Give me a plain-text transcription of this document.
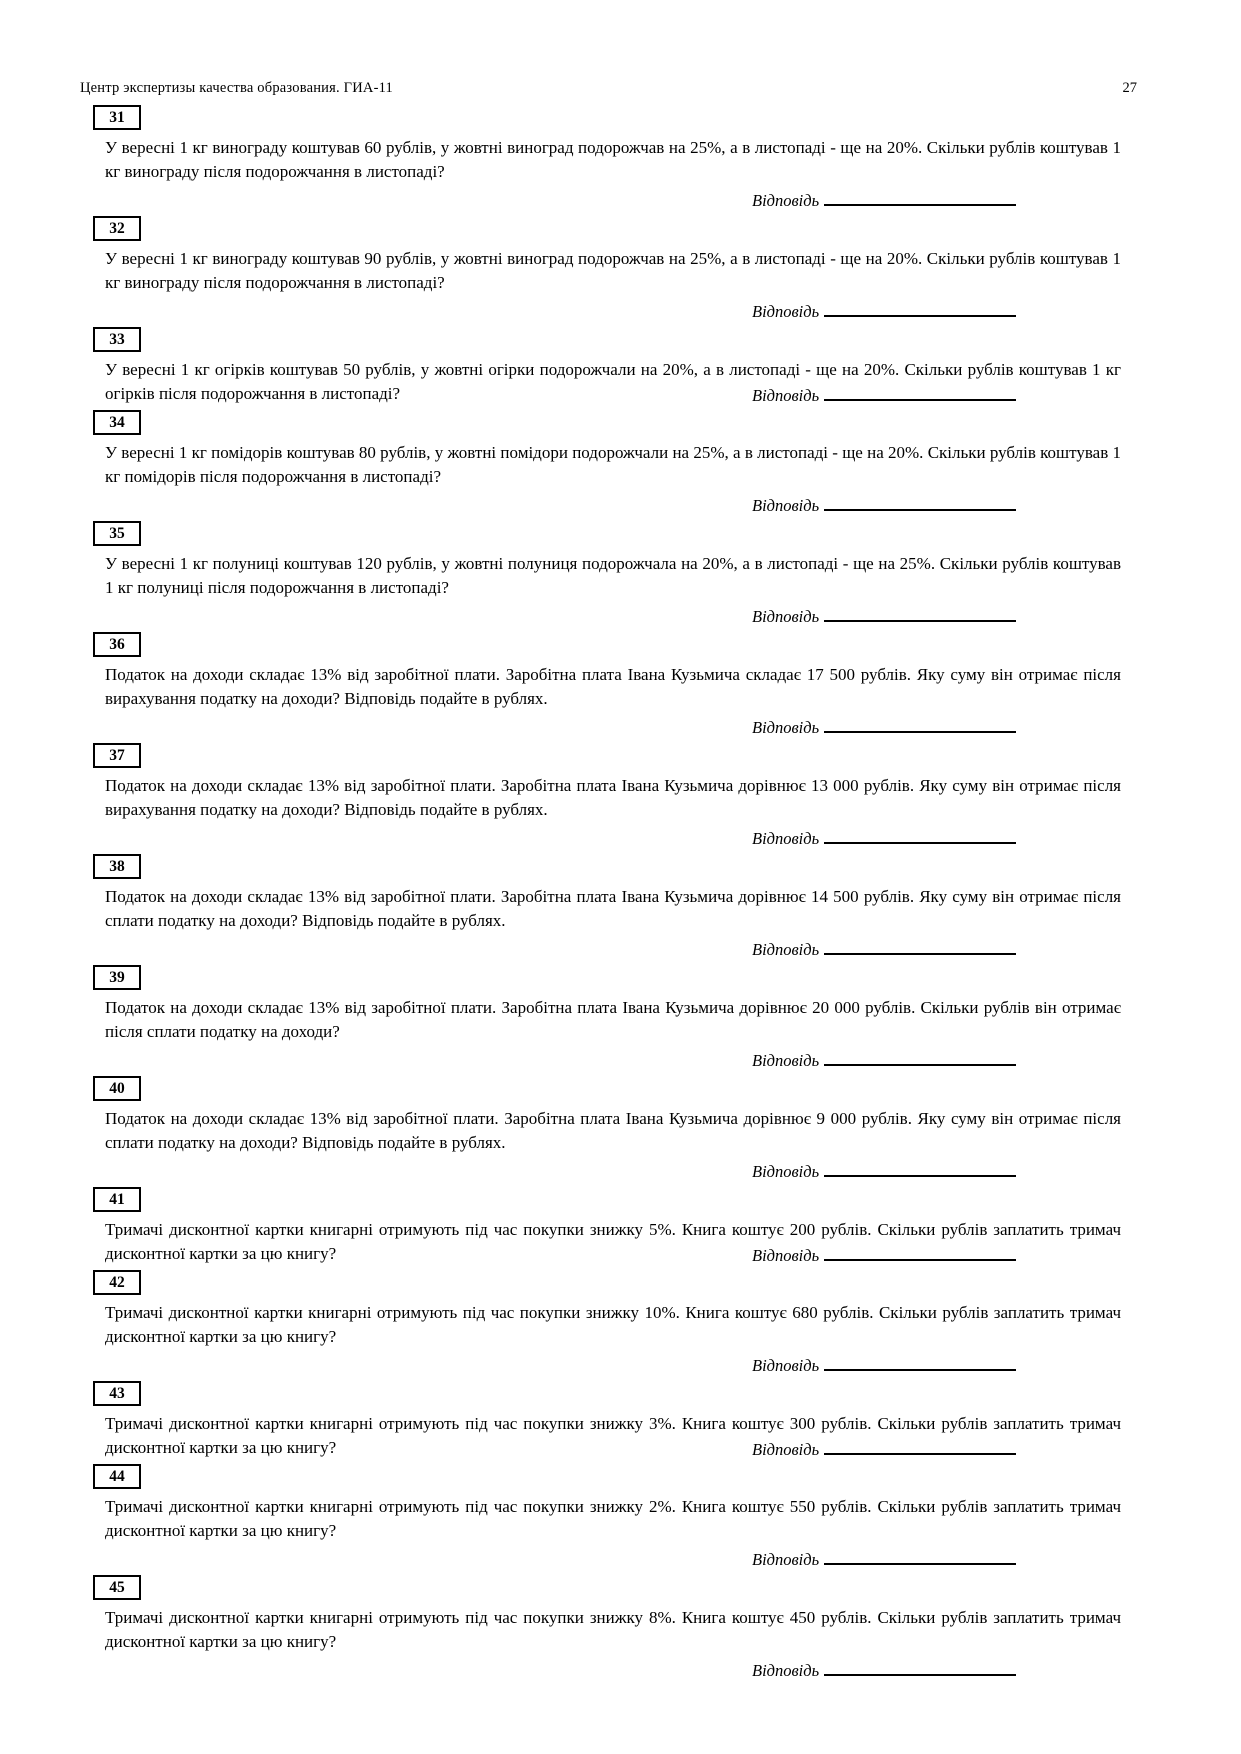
Центр экспертизы качества образования. ГИА-11	27
31

У вересні 1 кг винограду коштував 60 рублів, у жовтні виноград подорожчав на 25%, а в листопаді - ще на 20%. Скільки рублів коштував 1 кг винограду після подорожчання в листопаді?

Відповідь
32

У вересні 1 кг винограду коштував 90 рублів, у жовтні виноград подорожчав на 25%, а в листопаді - ще на 20%. Скільки рублів коштував 1 кг винограду після подорожчання в листопаді?

Відповідь
33

У вересні 1 кг огірків коштував 50 рублів, у жовтні огірки подорожчали на 20%, а в листопаді - ще на 20%. Скільки рублів коштував 1 кг огірків після подорожчання в листопаді?	Відповідь

34

У вересні 1 кг помідорів коштував 80 рублів, у жовтні помідори подорожчали на 25%, а в листопаді - ще на 20%. Скільки рублів коштував 1 кг помідорів після подорожчання в листопаді?

Відповідь
35

У вересні 1 кг полуниці коштував 120 рублів, у жовтні полуниця подорожчала на 20%, а в листопаді - ще на 25%. Скільки рублів коштував 1 кг полуниці після подорожчання в листопаді?

Відповідь
36

Податок на доходи складає 13% від заробітної плати. Заробітна плата Івана Кузьмича складає 17 500 рублів. Яку суму він отримає після вирахування податку на доходи? Відповідь подайте в рублях.

Відповідь
37

Податок на доходи складає 13% від заробітної плати. Заробітна плата Івана Кузьмича дорівнює 13 000 рублів. Яку суму він отримає після вирахування податку на доходи? Відповідь подайте в рублях.

Відповідь
38

Податок на доходи складає 13% від заробітної плати. Заробітна плата Івана Кузьмича дорівнює 14 500 рублів. Яку суму він отримає після сплати податку на доходи? Відповідь подайте в рублях.

Відповідь
39

Податок на доходи складає 13% від заробітної плати. Заробітна плата Івана Кузьмича дорівнює 20 000 рублів. Скільки рублів він отримає після сплати податку на доходи?

Відповідь
40

Податок на доходи складає 13% від заробітної плати. Заробітна плата Івана Кузьмича дорівнює 9 000 рублів. Яку суму він отримає після сплати податку на доходи? Відповідь подайте в рублях.

Відповідь
41

Тримачі дисконтної картки книгарні отримують під час покупки знижку 5%. Книга коштує 200 рублів. Скільки рублів заплатить тримач дисконтної картки за цю книгу?	Відповідь

42

Тримачі дисконтної картки книгарні отримують під час покупки знижку 10%. Книга коштує 680 рублів. Скільки рублів заплатить тримач дисконтної картки за цю книгу?

Відповідь
43

Тримачі дисконтної картки книгарні отримують під час покупки знижку 3%. Книга коштує 300 рублів. Скільки рублів заплатить тримач дисконтної картки за цю книгу?	Відповідь

44

Тримачі дисконтної картки книгарні отримують під час покупки знижку 2%. Книга коштує 550 рублів. Скільки рублів заплатить тримач дисконтної картки за цю книгу?

Відповідь
45

Тримачі дисконтної картки книгарні отримують під час покупки знижку 8%. Книга коштує 450 рублів. Скільки рублів заплатить тримач дисконтної картки за цю книгу?

Відповідь
